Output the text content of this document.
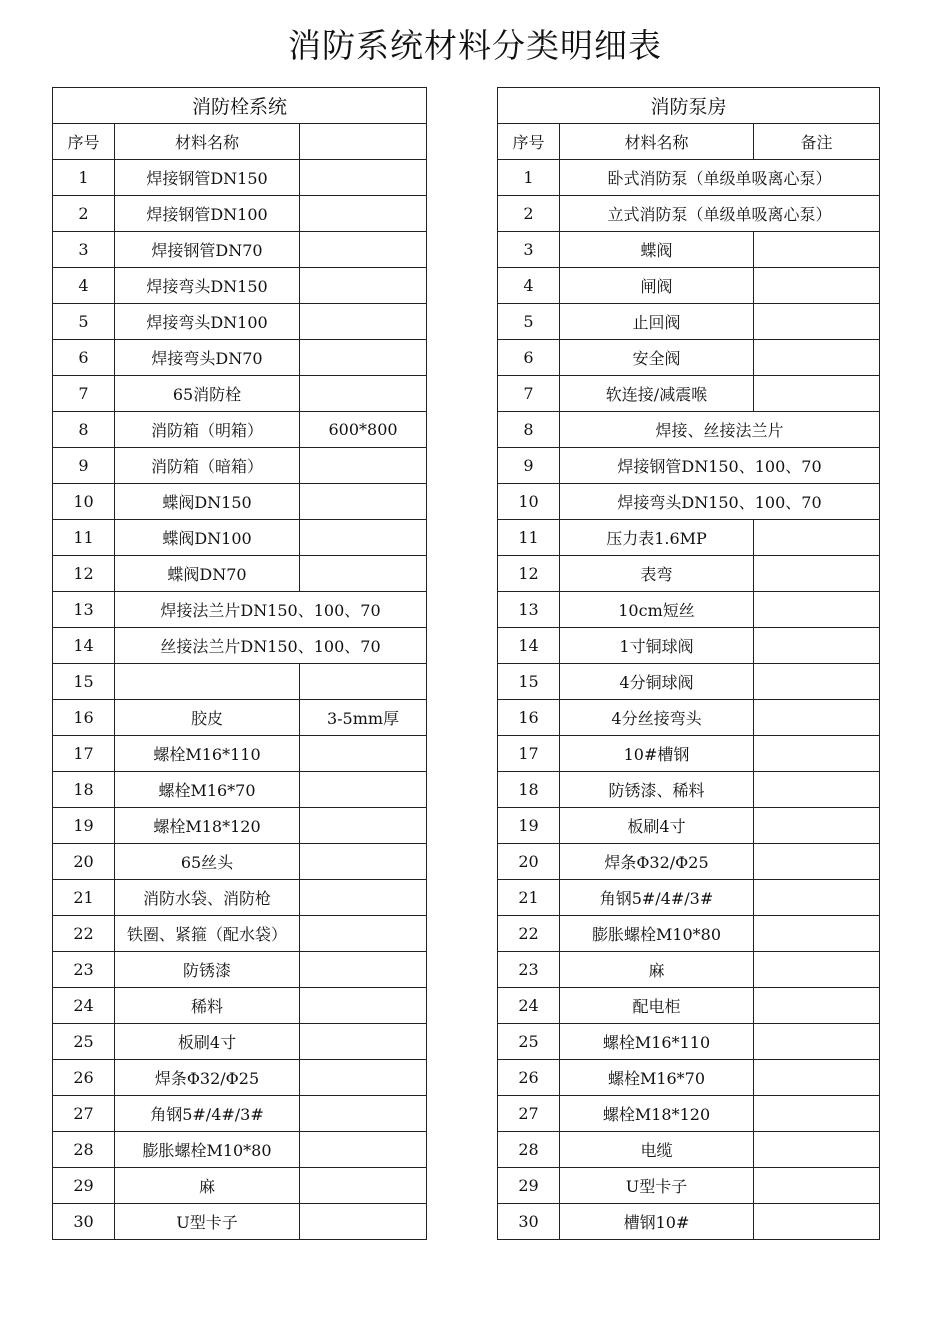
消防系统材料分类明细表
消防栓系统		
序号	材料名称	
1	焊接钢管DN150	
2	焊接钢管DN100	
3	焊接钢管DN70	
4	焊接弯头DN150	
5	焊接弯头DN100	
6	焊接弯头DN70	
7	65消防栓	
8	消防箱（明箱）	600*800
9	消防箱（暗箱）	
10	蝶阀DN150	
11	蝶阀DN100	
12	蝶阀DN70	
13	焊接法兰片DN150、100、70	
14	丝接法兰片DN150、100、70	
15		
16	胶皮	3-5mm厚
17	螺栓M16*110	
18	螺栓M16*70	
19	螺栓M18*120	
20	65丝头	
21	消防水袋、消防枪	
22	铁圈、紧箍（配水袋）	
23	防锈漆	
24	稀料	
25	板刷4寸	
26	焊条Φ32/Φ25	
27	角钢5#/4#/3#	
28	膨胀螺栓M10*80	
29	麻	
30	U型卡子	
消防泵房		
序号	材料名称	备注
1	卧式消防泵（单级单吸离心泵）	
2	立式消防泵（单级单吸离心泵）	
3	蝶阀	
4	闸阀	
5	止回阀	
6	安全阀	
7	软连接/减震喉	
8	焊接、丝接法兰片	
9	焊接钢管DN150、100、70	
10	焊接弯头DN150、100、70	
11	压力表1.6MP	
12	表弯	
13	10cm短丝	
14	1寸铜球阀	
15	4分铜球阀	
16	4分丝接弯头	
17	10#槽钢	
18	防锈漆、稀料	
19	板刷4寸	
20	焊条Φ32/Φ25	
21	角钢5#/4#/3#	
22	膨胀螺栓M10*80	
23	麻	
24	配电柜	
25	螺栓M16*110	
26	螺栓M16*70	
27	螺栓M18*120	
28	电缆	
29	U型卡子	
30	槽钢10#	
